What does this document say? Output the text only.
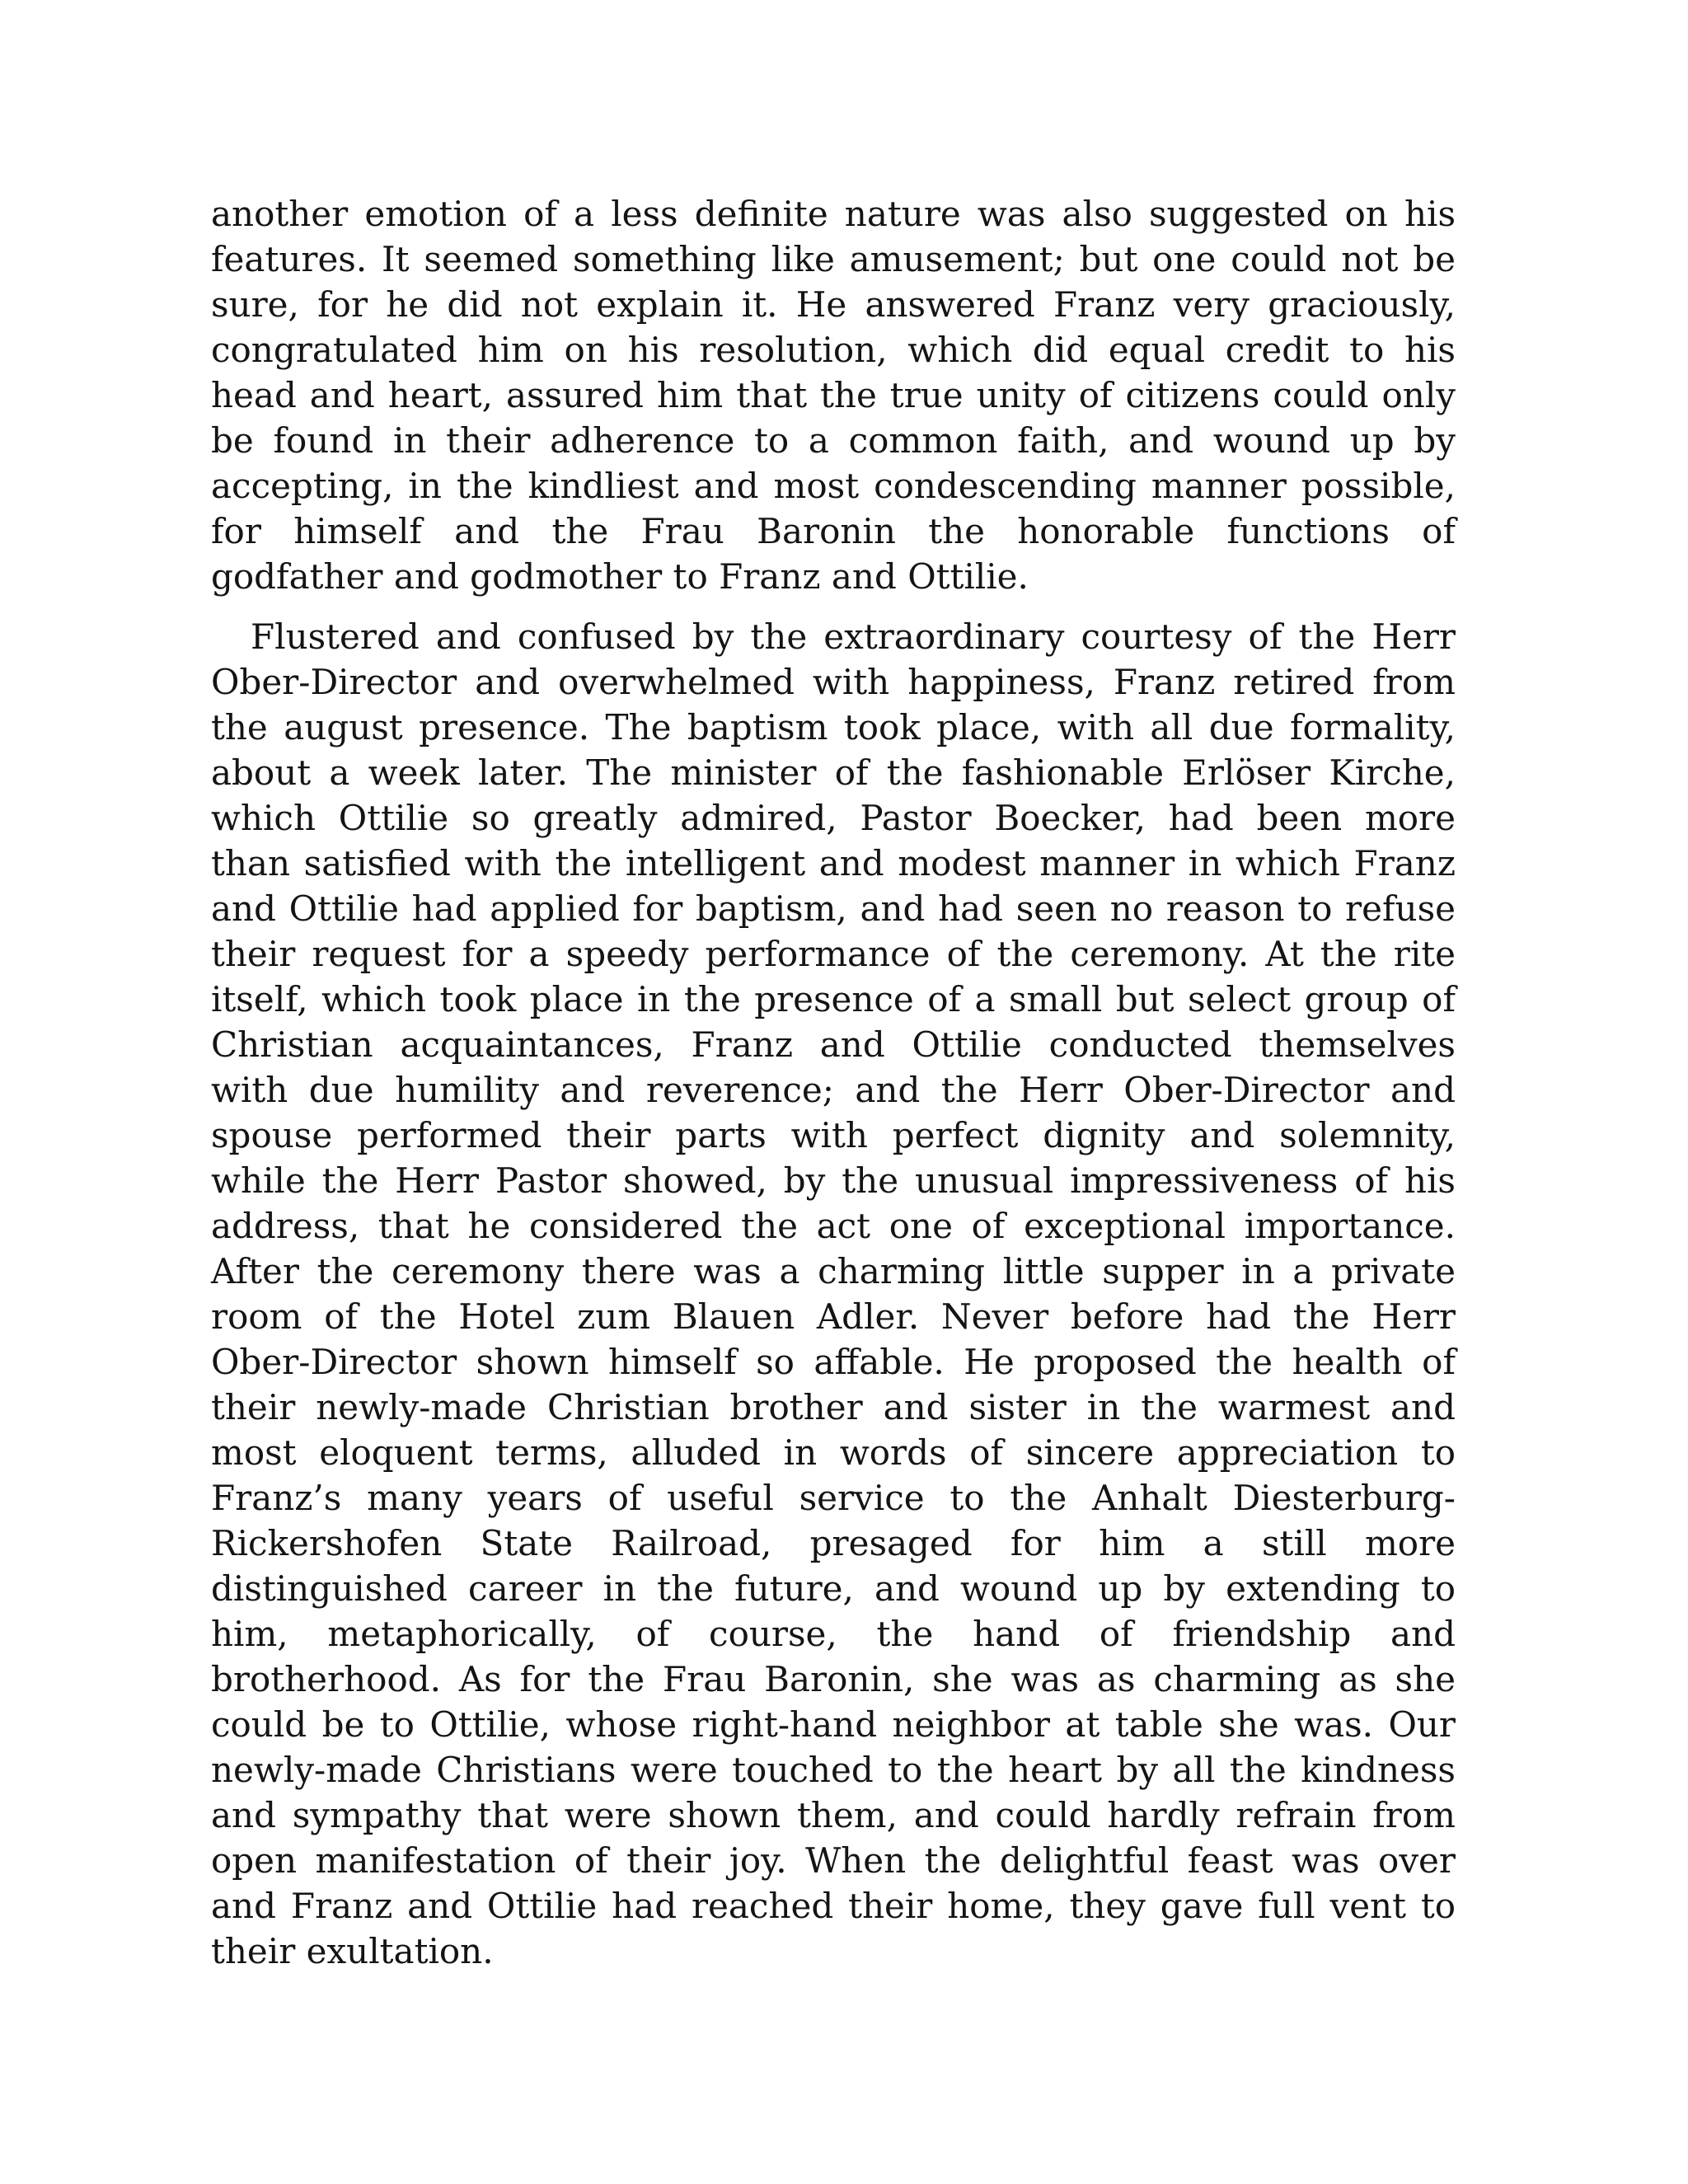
another emotion of a less definite nature was also suggested on his
features. It seemed something like amusement; but one could not be
sure, for he did not explain it. He answered Franz very graciously,
congratulated him on his resolution, which did equal credit to his
head and heart, assured him that the true unity of citizens could only
be found in their adherence to a common faith, and wound up by
accepting, in the kindliest and most condescending manner possible,
for himself and the Frau Baronin the honorable functions of
godfather and godmother to Franz and Ottilie.
Flustered and confused by the extraordinary courtesy of the Herr
Ober-Director and overwhelmed with happiness, Franz retired from
the august presence. The baptism took place, with all due formality,
about a week later. The minister of the fashionable Erlöser Kirche,
which Ottilie so greatly admired, Pastor Boecker, had been more
than satisfied with the intelligent and modest manner in which Franz
and Ottilie had applied for baptism, and had seen no reason to refuse
their request for a speedy performance of the ceremony. At the rite
itself, which took place in the presence of a small but select group of
Christian acquaintances, Franz and Ottilie conducted themselves
with due humility and reverence; and the Herr Ober-Director and
spouse performed their parts with perfect dignity and solemnity,
while the Herr Pastor showed, by the unusual impressiveness of his
address, that he considered the act one of exceptional importance.
After the ceremony there was a charming little supper in a private
room of the Hotel zum Blauen Adler. Never before had the Herr
Ober-Director shown himself so affable. He proposed the health of
their newly-made Christian brother and sister in the warmest and
most eloquent terms, alluded in words of sincere appreciation to
Franz’s many years of useful service to the Anhalt Diesterburg-
Rickershofen State Railroad, presaged for him a still more
distinguished career in the future, and wound up by extending to
him, metaphorically, of course, the hand of friendship and
brotherhood. As for the Frau Baronin, she was as charming as she
could be to Ottilie, whose right-hand neighbor at table she was. Our
newly-made Christians were touched to the heart by all the kindness
and sympathy that were shown them, and could hardly refrain from
open manifestation of their joy. When the delightful feast was over
and Franz and Ottilie had reached their home, they gave full vent to
their exultation.
